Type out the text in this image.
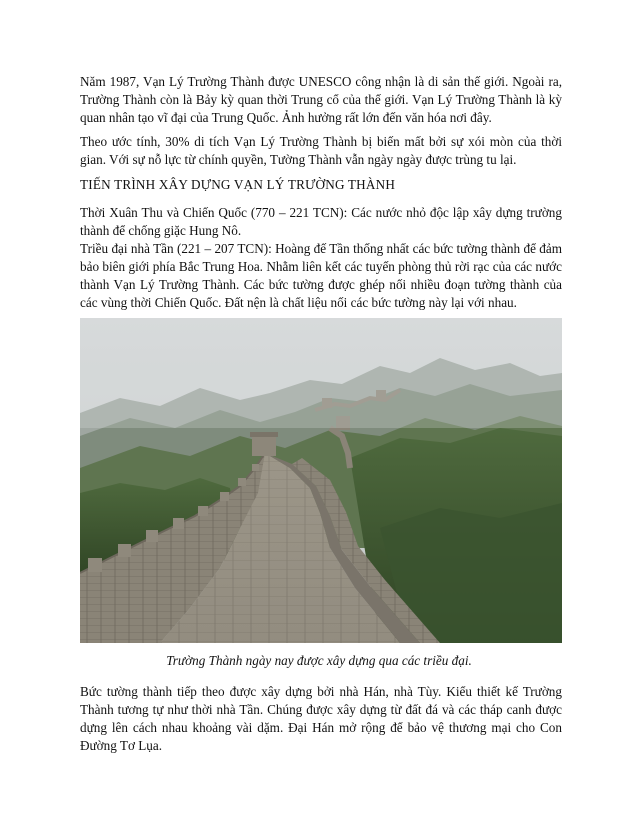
Năm 1987, Vạn Lý Trường Thành được UNESCO công nhận là di sản thế giới. Ngoài ra, Trường Thành còn là Bảy kỳ quan thời Trung cổ của thế giới. Vạn Lý Trường Thành là kỳ quan nhân tạo vĩ đại của Trung Quốc. Ảnh hưởng rất lớn đến văn hóa nơi đây.

Theo ước tính, 30% di tích Vạn Lý Trường Thành bị biến mất bởi sự xói mòn của thời gian. Với sự nỗ lực từ chính quyền, Tường Thành vẫn ngày ngày được trùng tu lại.

TIẾN TRÌNH XÂY DỰNG VẠN LÝ TRƯỜNG THÀNH

Thời Xuân Thu và Chiến Quốc (770 – 221 TCN): Các nước nhỏ độc lập xây dựng trường thành để chống giặc Hung Nô.

Triều đại nhà Tần (221 – 207 TCN): Hoàng đế Tần thống nhất các bức tường thành để đảm bảo biên giới phía Bắc Trung Hoa. Nhằm liên kết các tuyến phòng thủ rời rạc của các nước thành Vạn Lý Trường Thành. Các bức tường được ghép nối nhiều đoạn tường thành của các vùng thời Chiến Quốc. Đất nện là chất liệu nối các bức tường này lại với nhau.

Trường Thành ngày nay được xây dựng qua các triều đại.

Bức tường thành tiếp theo được xây dựng bởi nhà Hán, nhà Tùy. Kiểu thiết kế Trường Thành tương tự như thời nhà Tần. Chúng được xây dựng từ đất đá và các tháp canh được dựng lên cách nhau khoảng vài dặm. Đại Hán mở rộng để bảo vệ thương mại cho Con Đường Tơ Lụa.
